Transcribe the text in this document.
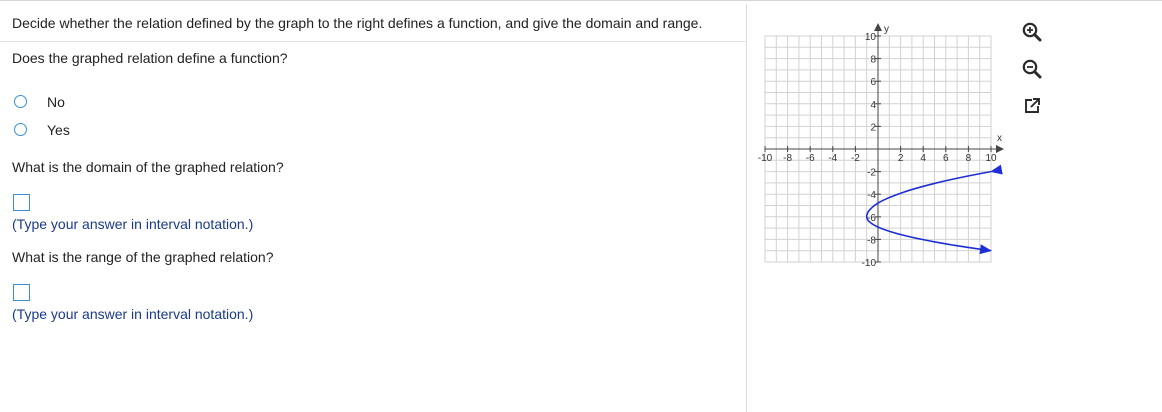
Decide whether the relation defined by the graph to the right defines a function, and give the domain and range.
Does the graphed relation define a function?
No
Yes
What is the domain of the graphed relation?
(Type your answer in interval notation.)
What is the range of the graphed relation?
(Type your answer in interval notation.)
-10 -8 -6 -4 -2	2 4 6 8 10
10
8
6
4
2
-2
-4
-6
-8
-10
x
y
